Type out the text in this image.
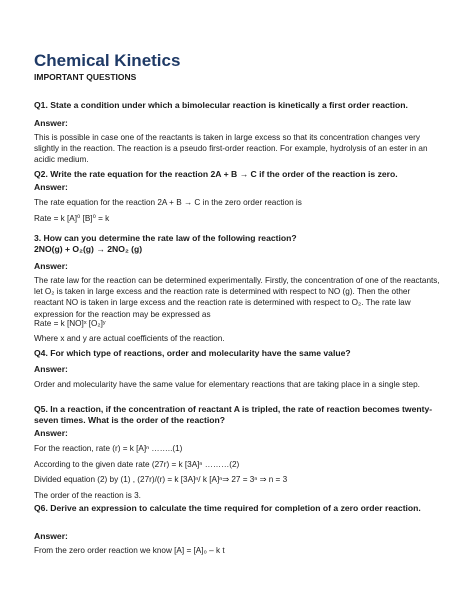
Chemical Kinetics
IMPORTANT QUESTIONS
Q1. State a condition under which a bimolecular reaction is kinetically a first order reaction.
Answer:
This is possible in case one of the reactants is taken in large excess so that its concentration changes very slightly in the reaction. The reaction is a pseudo first-order reaction. For example, hydrolysis of an ester in an acidic medium.
Q2. Write the rate equation for the reaction 2A + B → C if the order of the reaction is zero.
Answer:
The rate equation for the reaction 2A + B → C in the zero order reaction is
Rate = k [A]⁰ [B]⁰ = k
3. How can you determine the rate law of the following reaction?
2NO(g) + O₂(g) → 2NO₂ (g)
Answer:
The rate law for the reaction can be determined experimentally. Firstly, the concentration of one of the reactants, let O₂ is taken in large excess and the reaction rate is determined with respect to NO (g). Then the other reactant NO is taken in large excess and the reaction rate is determined with respect to O₂. The rate law expression for the reaction may be expressed as
Rate = k [NO]ˣ [O₂]ʸ
Where x and y are actual coefficients of the reaction.
Q4. For which type of reactions, order and molecularity have the same value?
Answer:
Order and molecularity have the same value for elementary reactions that are taking place in a single step.
Q5. In a reaction, if the concentration of reactant A is tripled, the rate of reaction becomes twenty-seven times. What is the order of the reaction?
Answer:
For the reaction, rate (r) = k [A]ⁿ ……..(1)
According to the given date rate (27r) = k [3A]ⁿ ………(2)
Divided equation (2) by (1) , (27r)/(r) = k [3A]ⁿ/ k [A]ⁿ⇒ 27 = 3ⁿ ⇒ n = 3
The order of the reaction is 3.
Q6. Derive an expression to calculate the time required for completion of a zero order reaction.
Answer:
From the zero order reaction we know [A] = [A]₀ – k t
